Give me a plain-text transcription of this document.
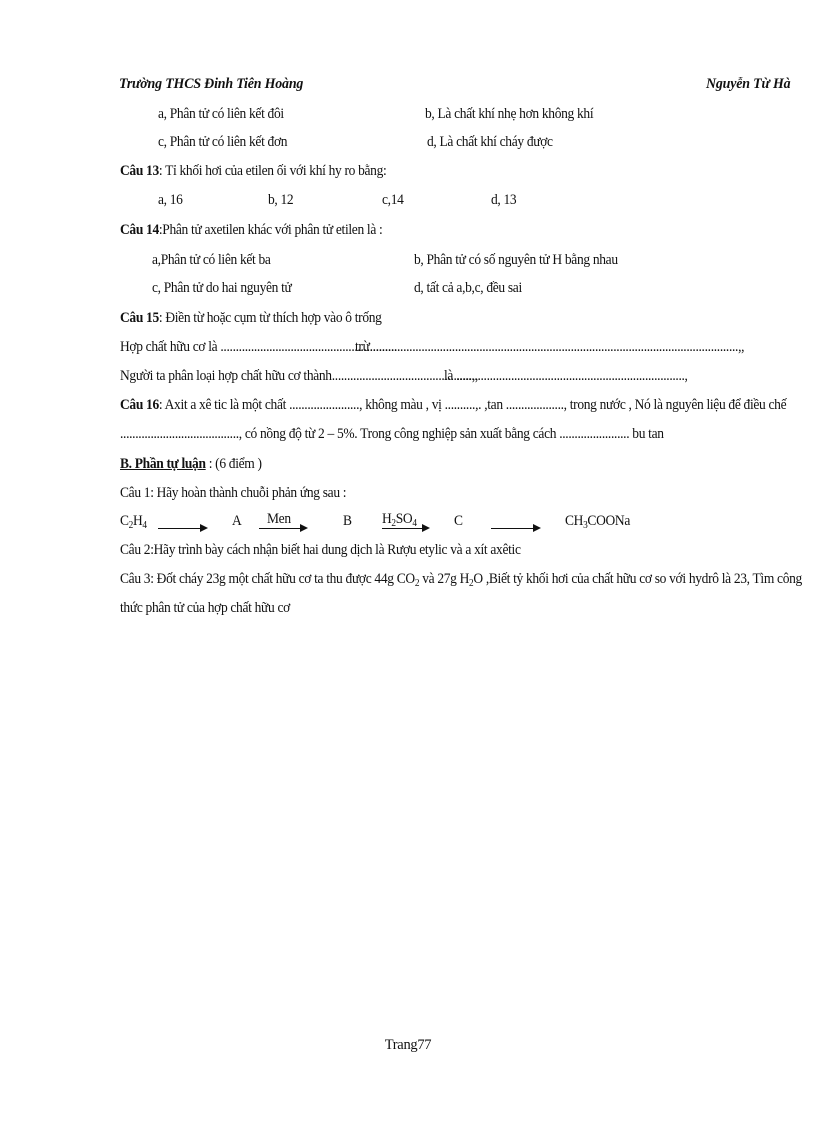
Trường THCS Đinh Tiên Hoàng	Nguyễn Từ Hà
a, Phân tử có liên kết đôi	b, Là chất khí nhẹ hơn không khí
c, Phân tử có liên kết đơn	d, Là chất khí cháy được
Câu 13: Tỉ khối hơi của etilen ối với khí hy ro bằng:
a, 16	b, 12	c,14	d, 13
Câu 14:Phân tử axetilen khác với phân tử etilen là :
a,Phân tử có liên kết ba	b, Phân tử có số nguyên tử H bằng nhau
c, Phân tử do hai nguyên tử	d, tất cả a,b,c, đều sai
Câu 15: Điền từ hoặc cụm từ thích hợp vào ô trống
Hợp chất hữu cơ là ..........................................................
trừ.........................................................................................................................,,
Người ta phân loại hợp chất hữu cơ thành..............................................,,
là ...........................................................................,
Câu 16: Axit a xê tic là một chất ......................., không màu , vị ..........,. ,tan ..................., trong nước , Nó là nguyên liệu để điều chế
......................................., có nồng độ từ 2 – 5%. Trong công nghiệp sản xuất bằng cách ....................... bu tan
B. Phần tự luận : (6 điểm )
Câu 1: Hãy hoàn thành chuỗi phản ứng sau :
$C_2H_4 \to A$ Men	B $H_2SO_4$	C	$CH_3COONa$
Câu 2:Hãy trình bày cách nhận biết hai dung dịch là Rượu etylic và a xít axêtic
Câu 3: Đốt cháy 23g một chất hữu cơ ta thu được 44g $CO_2$ và 27g $H_2O$ ,Biết tỷ khối hơi của chất hữu cơ so với hydrô là 23, Tìm công
thức phân tử của hợp chất hữu cơ
Trang77
